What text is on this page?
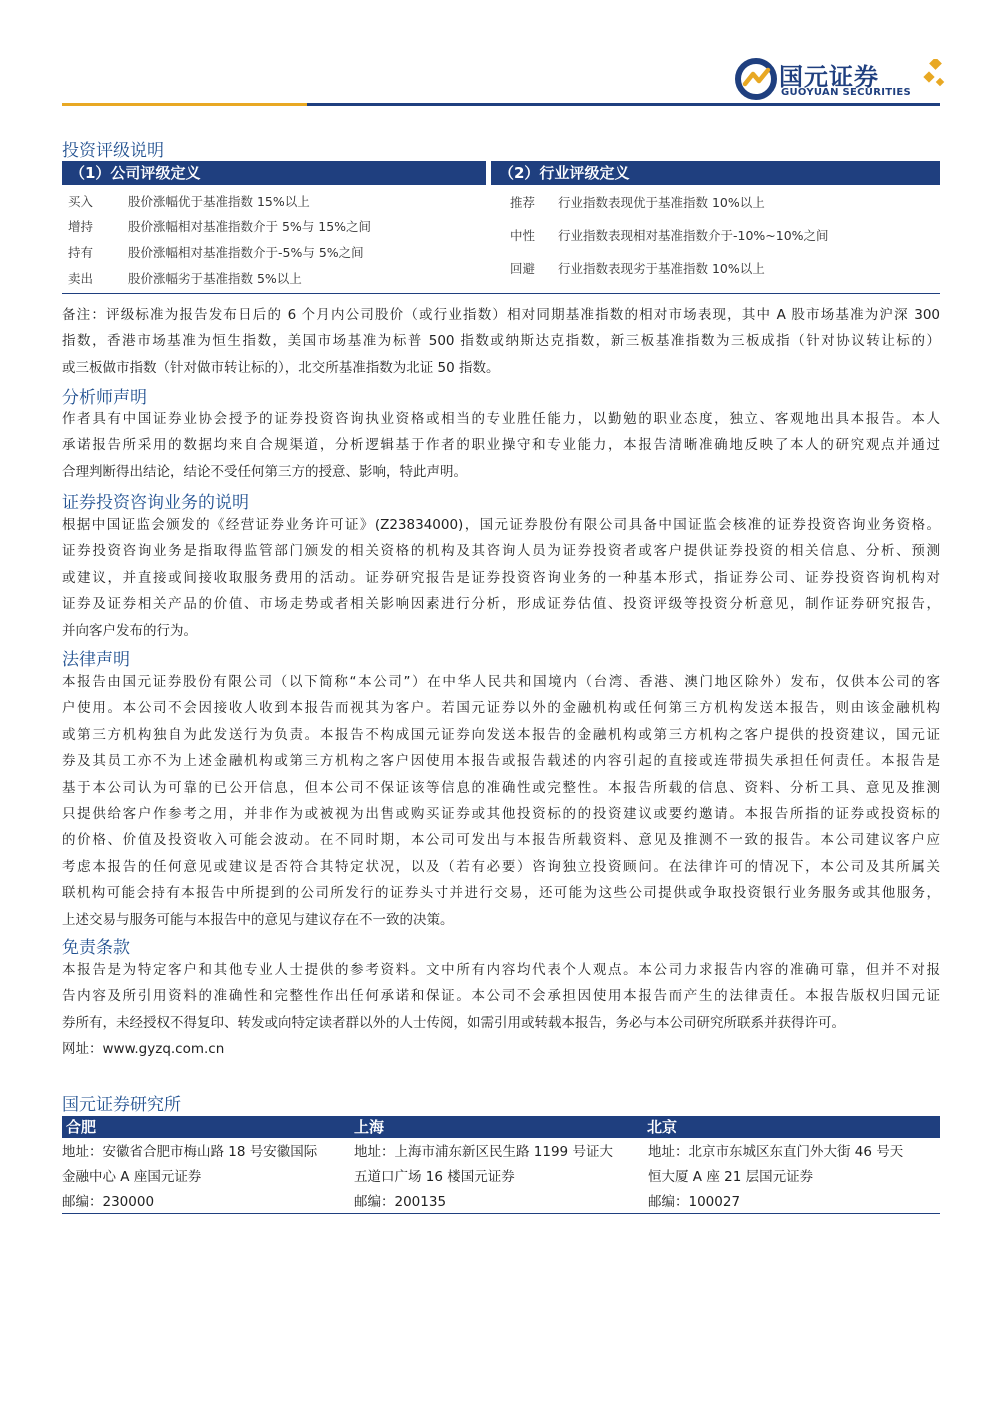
国元证券
GUOYUAN SECURITIES
投资评级说明
（1）公司评级定义	（2）行业评级定义
买入	股价涨幅优于基准指数 15%以上
增持	股价涨幅相对基准指数介于 5%与 15%之间
持有	股价涨幅相对基准指数介于-5%与 5%之间
卖出	股价涨幅劣于基准指数 5%以上
推荐 行业指数表现优于基准指数 10%以上
中性 行业指数表现相对基准指数介于-10%~10%之间
回避 行业指数表现劣于基准指数 10%以上
备注：评级标准为报告发布日后的 6 个月内公司股价（或行业指数）相对同期基准指数的相对市场表现，其中 A 股市场基准为沪深 300
指数，香港市场基准为恒生指数，美国市场基准为标普 500 指数或纳斯达克指数，新三板基准指数为三板成指（针对协议转让标的）
或三板做市指数（针对做市转让标的），北交所基准指数为北证 50 指数。
分析师声明
作者具有中国证券业协会授予的证券投资咨询执业资格或相当的专业胜任能力，以勤勉的职业态度，独立、客观地出具本报告。本人
承诺报告所采用的数据均来自合规渠道，分析逻辑基于作者的职业操守和专业能力，本报告清晰准确地反映了本人的研究观点并通过
合理判断得出结论，结论不受任何第三方的授意、影响，特此声明。
证券投资咨询业务的说明
根据中国证监会颁发的《经营证券业务许可证》(Z23834000)，国元证券股份有限公司具备中国证监会核准的证券投资咨询业务资格。
证券投资咨询业务是指取得监管部门颁发的相关资格的机构及其咨询人员为证券投资者或客户提供证券投资的相关信息、分析、预测
或建议，并直接或间接收取服务费用的活动。证券研究报告是证券投资咨询业务的一种基本形式，指证券公司、证券投资咨询机构对
证券及证券相关产品的价值、市场走势或者相关影响因素进行分析，形成证券估值、投资评级等投资分析意见，制作证券研究报告，
并向客户发布的行为。
法律声明
本报告由国元证券股份有限公司（以下简称“本公司”）在中华人民共和国境内（台湾、香港、澳门地区除外）发布，仅供本公司的客
户使用。本公司不会因接收人收到本报告而视其为客户。若国元证券以外的金融机构或任何第三方机构发送本报告，则由该金融机构
或第三方机构独自为此发送行为负责。本报告不构成国元证券向发送本报告的金融机构或第三方机构之客户提供的投资建议，国元证
券及其员工亦不为上述金融机构或第三方机构之客户因使用本报告或报告载述的内容引起的直接或连带损失承担任何责任。本报告是
基于本公司认为可靠的已公开信息，但本公司不保证该等信息的准确性或完整性。本报告所载的信息、资料、分析工具、意见及推测
只提供给客户作参考之用，并非作为或被视为出售或购买证券或其他投资标的的投资建议或要约邀请。本报告所指的证券或投资标的
的价格、价值及投资收入可能会波动。在不同时期，本公司可发出与本报告所载资料、意见及推测不一致的报告。本公司建议客户应
考虑本报告的任何意见或建议是否符合其特定状况，以及（若有必要）咨询独立投资顾问。在法律许可的情况下，本公司及其所属关
联机构可能会持有本报告中所提到的公司所发行的证券头寸并进行交易，还可能为这些公司提供或争取投资银行业务服务或其他服务，
上述交易与服务可能与本报告中的意见与建议存在不一致的决策。
免责条款
本报告是为特定客户和其他专业人士提供的参考资料。文中所有内容均代表个人观点。本公司力求报告内容的准确可靠，但并不对报
告内容及所引用资料的准确性和完整性作出任何承诺和保证。本公司不会承担因使用本报告而产生的法律责任。本报告版权归国元证
券所有，未经授权不得复印、转发或向特定读者群以外的人士传阅，如需引用或转载本报告，务必与本公司研究所联系并获得许可。
网址：www.gyzq.com.cn
国元证券研究所
合肥	上海	北京
地址：安徽省合肥市梅山路 18 号安徽国际
金融中心 A 座国元证券
邮编：230000
地址：上海市浦东新区民生路 1199 号证大
五道口广场 16 楼国元证券
邮编：200135
地址：北京市东城区东直门外大街 46 号天
恒大厦 A 座 21 层国元证券
邮编：100027
